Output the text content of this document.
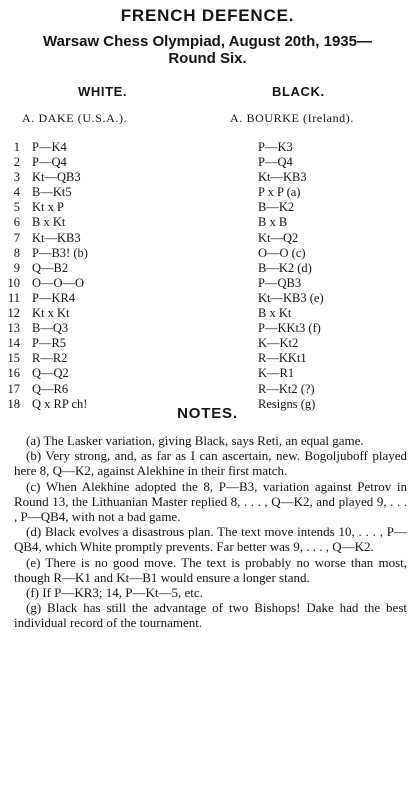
FRENCH DEFENCE.
Warsaw Chess Olympiad, August 20th, 1935—
Round Six.
WHITE.	BLACK.
A. DAKE (U.S.A.).	A. BOURKE (Ireland).
1 P—K4	P—K3
2 P—Q4	P—Q4
3 Kt—QB3	Kt—KB3
4 B—Kt5	P x P (a)
5 Kt x P	B—K2
6 B x Kt	B x B
7 Kt—KB3	Kt—Q2
8 P—B3! (b)	O—O (c)
9 Q—B2	B—K2 (d)
10 O—O—O	P—QB3
11 P—KR4	Kt—KB3 (e)
12 Kt x Kt	B x Kt
13 B—Q3	P—KKt3 (f)
14 P—R5	K—Kt2
15 R—R2	R—KKt1
16 Q—Q2	K—R1
17 Q—R6	R—Kt2 (?)
18 Q x RP ch!	Resigns (g)
NOTES.

(a) The Lasker variation, giving Black, says Reti, an equal game.

(b) Very strong, and, as far as I can ascertain, new. Bogoljuboff played here 8, Q—K2, against Alekhine in their first match.

(c) When Alekhine adopted the 8, P—B3, variation against Petrov in Round 13, the Lithuanian Master replied 8, . . . , Q—K2, and played 9, . . . , P—QB4, with not a bad game.

(d) Black evolves a disastrous plan. The text move intends 10, . . . , P—QB4, which White promptly prevents. Far better was 9, . . . , Q—K2.

(e) There is no good move. The text is probably no worse than most, though R—K1 and Kt—B1 would ensure a longer stand.

(f) If P—KR3; 14, P—Kt—5, etc.

(g) Black has still the advantage of two Bishops! Dake had the best individual record of the tournament.
